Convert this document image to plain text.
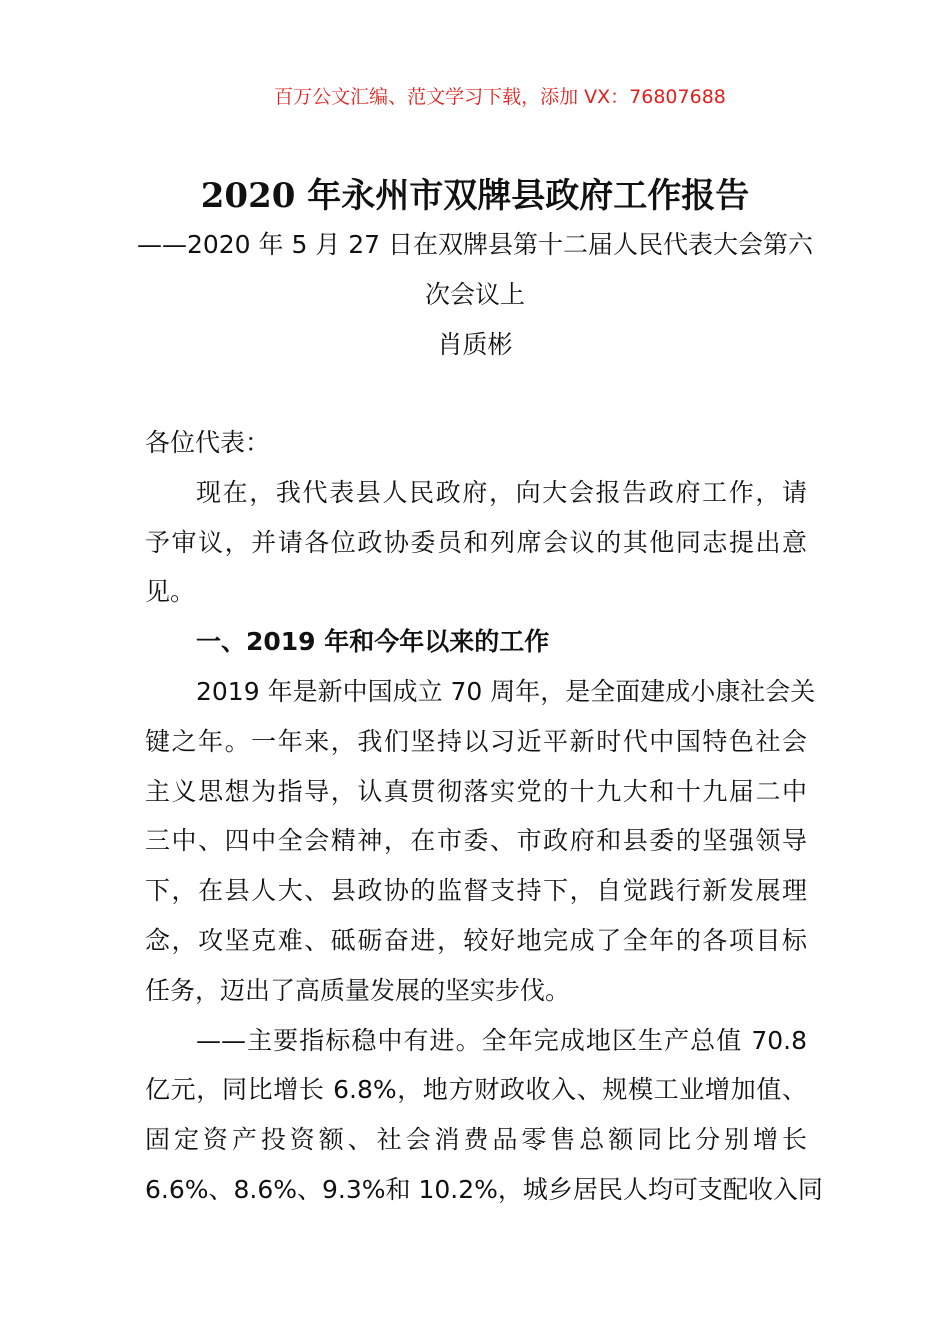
百万公文汇编、范文学习下载，添加 VX：76807688
2020 年永州市双牌县政府工作报告
——2020 年 5 月 27 日在双牌县第十二届人民代表大会第六
次会议上
肖质彬
各位代表：
现在，我代表县人民政府，向大会报告政府工作，请
予审议，并请各位政协委员和列席会议的其他同志提出意
见。
一、2019 年和今年以来的工作
2019 年是新中国成立 70 周年，是全面建成小康社会关
键之年。一年来，我们坚持以习近平新时代中国特色社会
主义思想为指导，认真贯彻落实党的十九大和十九届二中
三中、四中全会精神，在市委、市政府和县委的坚强领导
下，在县人大、县政协的监督支持下，自觉践行新发展理
念，攻坚克难、砥砺奋进，较好地完成了全年的各项目标
任务，迈出了高质量发展的坚实步伐。
——主要指标稳中有进。全年完成地区生产总值 70.8
亿元，同比增长 6.8%，地方财政收入、规模工业增加值、
固定资产投资额、社会消费品零售总额同比分别增长
6.6%、8.6%、9.3%和 10.2%，城乡居民人均可支配收入同
